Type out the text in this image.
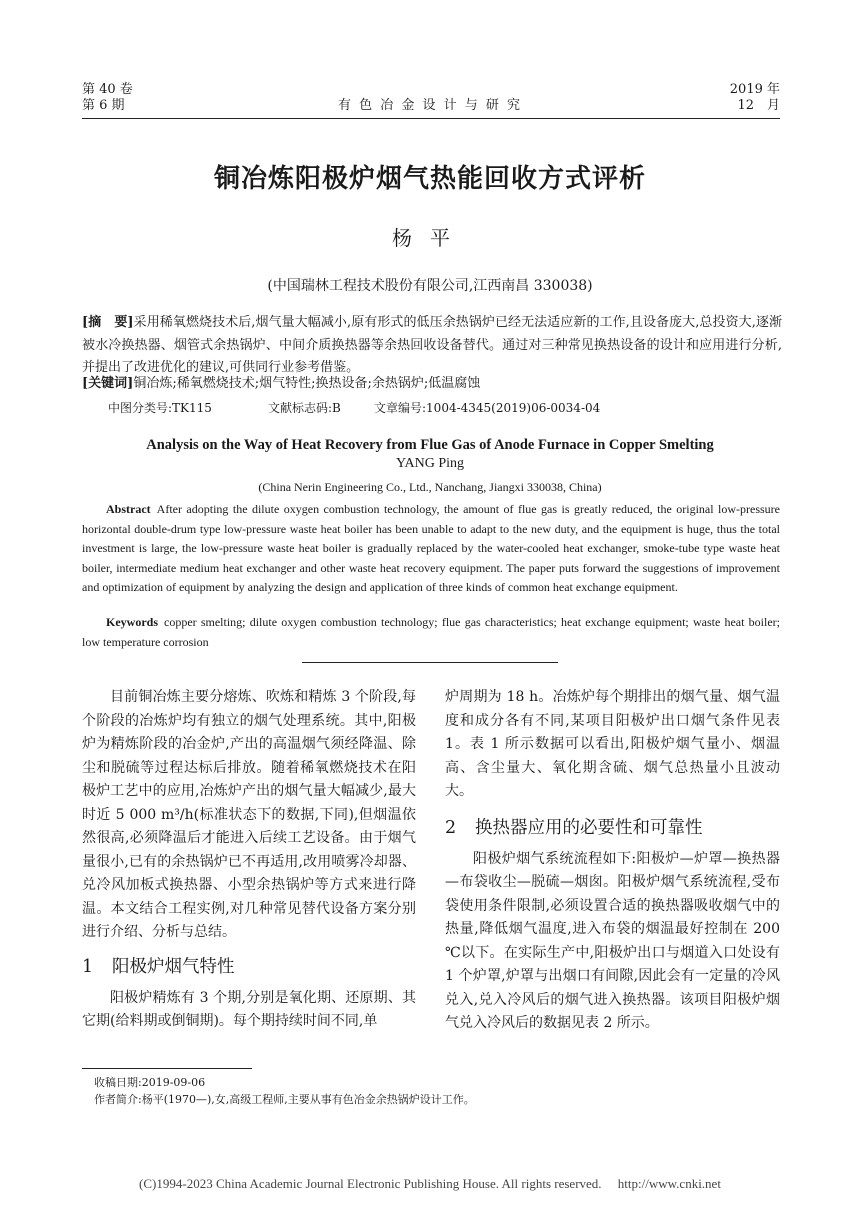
第 40 卷
第 6 期	有 色 冶 金 设 计 与 研 究
2019 年
12　月
铜冶炼阳极炉烟气热能回收方式评析
杨平
(中国瑞林工程技术股份有限公司,江西南昌 330038)
[摘　要]采用稀氧燃烧技术后,烟气量大幅减小,原有形式的低压余热锅炉已经无法适应新的工作,且设备庞大,总投资大,逐渐被水冷换热器、烟管式余热锅炉、中间介质换热器等余热回收设备替代。通过对三种常见换热设备的设计和应用进行分析,并提出了改进优化的建议,可供同行业参考借鉴。
[关键词]铜冶炼;稀氧燃烧技术;烟气特性;换热设备;余热锅炉;低温腐蚀
中图分类号:TK115	文献标志码:B	文章编号:1004-4345(2019)06-0034-04
Analysis on the Way of Heat Recovery from Flue Gas of Anode Furnace in Copper Smelting
YANG Ping
(China Nerin Engineering Co., Ltd., Nanchang, Jiangxi 330038, China)
Abstract After adopting the dilute oxygen combustion technology, the amount of flue gas is greatly reduced, the original low-pressure horizontal double-drum type low-pressure waste heat boiler has been unable to adapt to the new duty, and the equipment is huge, thus the total investment is large, the low-pressure waste heat boiler is gradually replaced by the water-cooled heat exchanger, smoke-tube type waste heat boiler, intermediate medium heat exchanger and other waste heat recovery equipment. The paper puts forward the suggestions of improvement and optimization of equipment by analyzing the design and application of three kinds of common heat exchange equipment.
Keywords copper smelting; dilute oxygen combustion technology; flue gas characteristics; heat exchange equipment; waste heat boiler; low temperature corrosion

目前铜冶炼主要分熔炼、吹炼和精炼 3 个阶段,每个阶段的冶炼炉均有独立的烟气处理系统。其中,阳极炉为精炼阶段的冶金炉,产出的高温烟气须经降温、除尘和脱硫等过程达标后排放。随着稀氧燃烧技术在阳极炉工艺中的应用,冶炼炉产出的烟气量大幅减少,最大时近 5 000 m³/h(标准状态下的数据,下同),但烟温依然很高,必须降温后才能进入后续工艺设备。由于烟气量很小,已有的余热锅炉已不再适用,改用喷雾冷却器、兑冷风加板式换热器、小型余热锅炉等方式来进行降温。本文结合工程实例,对几种常见替代设备方案分别进行介绍、分析与总结。

1 阳极炉烟气特性

阳极炉精炼有 3 个期,分别是氧化期、还原期、其它期(给料期或倒铜期)。每个期持续时间不同,单

炉周期为 18 h。冶炼炉每个期排出的烟气量、烟气温度和成分各有不同,某项目阳极炉出口烟气条件见表 1。表 1 所示数据可以看出,阳极炉烟气量小、烟温高、含尘量大、氧化期含硫、烟气总热量小且波动大。

2 换热器应用的必要性和可靠性

阳极炉烟气系统流程如下:阳极炉—炉罩—换热器—布袋收尘—脱硫—烟囱。阳极炉烟气系统流程,受布袋使用条件限制,必须设置合适的换热器吸收烟气中的热量,降低烟气温度,进入布袋的烟温最好控制在 200 ℃以下。在实际生产中,阳极炉出口与烟道入口处设有 1 个炉罩,炉罩与出烟口有间隙,因此会有一定量的冷风兑入,兑入冷风后的烟气进入换热器。该项目阳极炉烟气兑入冷风后的数据见表 2 所示。

收稿日期:2019-09-06
作者简介:杨平(1970—),女,高级工程师,主要从事有色冶金余热锅炉设计工作。
(C)1994-2023 China Academic Journal Electronic Publishing House. All rights reserved.　 http://www.cnki.net
